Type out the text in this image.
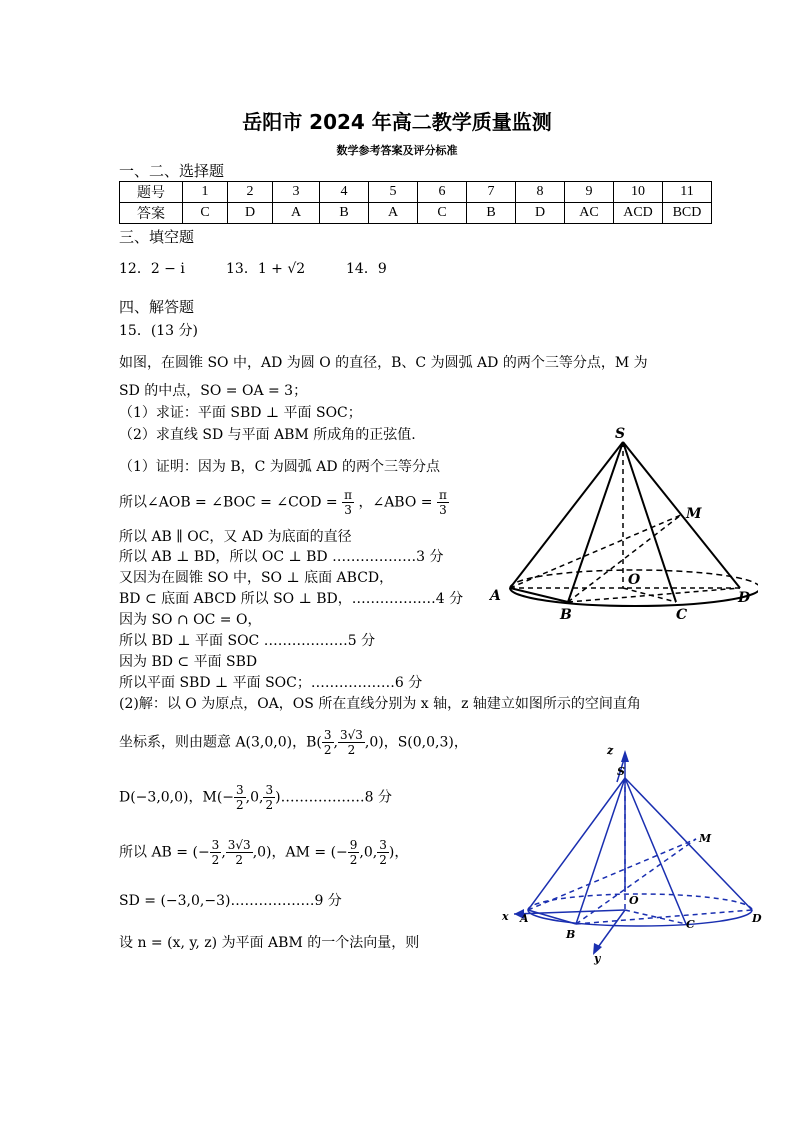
岳阳市 2024 年高二教学质量监测
数学参考答案及评分标准
一、二、选择题
题号	1	2	3	4	5	6	7	8	9	10	11
答案	C	D	A	B	A	C	B	D	AC	ACD	BCD
三、填空题
12．2 − i	13．1 + √2	14．9
四、解答题
15．(13 分)
如图，在圆锥 SO 中，AD 为圆 O 的直径，B、C 为圆弧 AD 的两个三等分点，M 为
SD 的中点，SO = OA = 3；
（1）求证：平面 SBD ⊥ 平面 SOC；
（2）求直线 SD 与平面 ABM 所成角的正弦值.
（1）证明：因为 B，C 为圆弧 AD 的两个三等分点
所以∠AOB = ∠BOC = ∠COD = $\frac{\pi}{3}$ ，∠ABO = $\frac{\pi}{3}$
所以 AB ∥ OC，又 AD 为底面的直径
所以 AB ⊥ BD，所以 OC ⊥ BD ………………3 分
又因为在圆锥 SO 中，SO ⊥ 底面 ABCD，
BD ⊂ 底面 ABCD 所以 SO ⊥ BD，………………4 分
因为 SO ∩ OC = O，
所以 BD ⊥ 平面 SOC ………………5 分
因为 BD ⊂ 平面 SBD
所以平面 SBD ⊥ 平面 SOC；………………6 分
(2)解：以 O 为原点，OA，OS 所在直线分别为 x 轴，z 轴建立如图所示的空间直角
坐标系，则由题意 A(3,0,0)，$B( \frac{3}{2}$ , $\frac{3√3}{2} ,0$)，S(0,0,3)，
D(−3,0,0)，$M(- \frac{3}{2} ,0$, $\frac{3}{2}$ )………………8 分
所以 AB = (− $\frac{3}{2}$ , $\frac{3√3}{2} ,0$)，AM = (− $\frac{9}{2} ,0$, $\frac{3}{2}$ )，
SD = (−3,0,−3)………………9 分
设 n = (x, y, z) 为平面 ABM 的一个法向量，则
S
M
O
A
B	C
D
z
S
M
O
A
B
C	D
x
y
